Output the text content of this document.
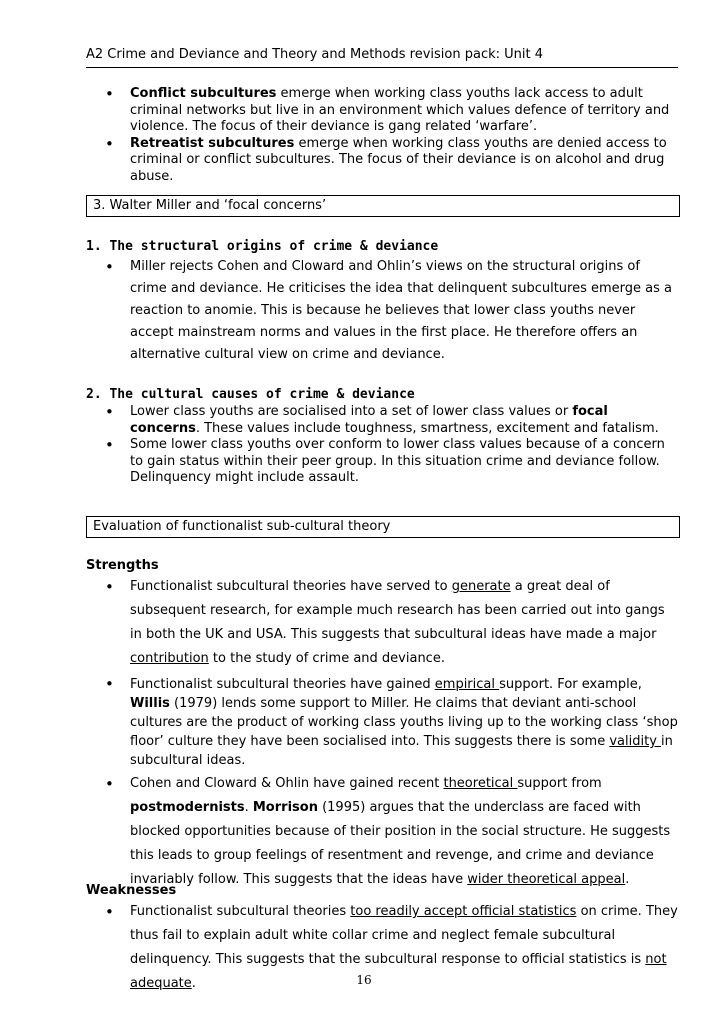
A2 Crime and Deviance and Theory and Methods revision pack: Unit 4
• Conflict subcultures emerge when working class youths lack access to adult criminal networks but live in an environment which values defence of territory and violence. The focus of their deviance is gang related ‘warfare’.
• Retreatist subcultures emerge when working class youths are denied access to criminal or conflict subcultures. The focus of their deviance is on alcohol and drug abuse.
3. Walter Miller and ‘focal concerns’
1. The structural origins of crime & deviance
• Miller rejects Cohen and Cloward and Ohlin’s views on the structural origins of crime and deviance. He criticises the idea that delinquent subcultures emerge as a reaction to anomie. This is because he believes that lower class youths never accept mainstream norms and values in the first place. He therefore offers an alternative cultural view on crime and deviance.
2. The cultural causes of crime & deviance
• Lower class youths are socialised into a set of lower class values or focal concerns. These values include toughness, smartness, excitement and fatalism.
• Some lower class youths over conform to lower class values because of a concern to gain status within their peer group. In this situation crime and deviance follow. Delinquency might include assault.
Evaluation of functionalist sub-cultural theory
Strengths
• Functionalist subcultural theories have served to generate a great deal of subsequent research, for example much research has been carried out into gangs in both the UK and USA. This suggests that subcultural ideas have made a major contribution to the study of crime and deviance.
• Functionalist subcultural theories have gained empirical support. For example, Willis (1979) lends some support to Miller. He claims that deviant anti-school cultures are the product of working class youths living up to the working class ‘shop floor’ culture they have been socialised into. This suggests there is some validity in subcultural ideas.
• Cohen and Cloward & Ohlin have gained recent theoretical support from postmodernists. Morrison (1995) argues that the underclass are faced with blocked opportunities because of their position in the social structure. He suggests this leads to group feelings of resentment and revenge, and crime and deviance invariably follow. This suggests that the ideas have wider theoretical appeal.
Weaknesses
• Functionalist subcultural theories too readily accept official statistics on crime. They thus fail to explain adult white collar crime and neglect female subcultural delinquency. This suggests that the subcultural response to official statistics is not adequate.	16
